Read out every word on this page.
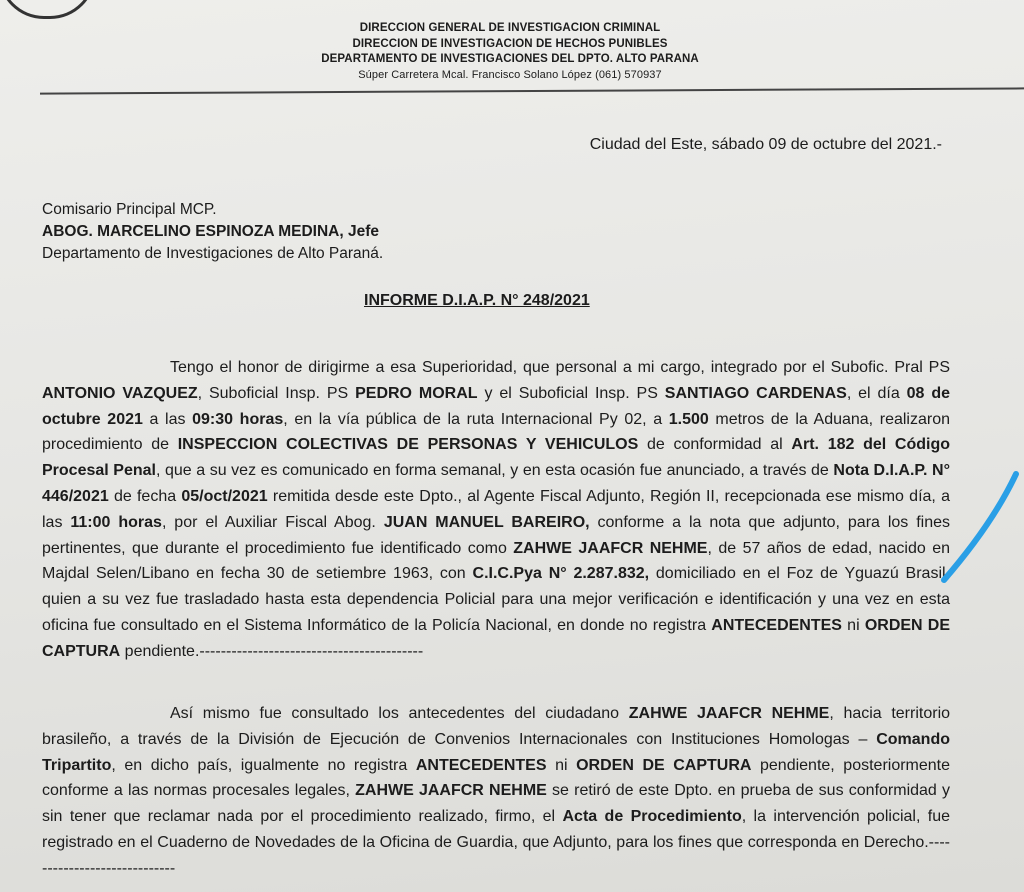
DIRECCION GENERAL DE INVESTIGACION CRIMINAL
DIRECCION DE INVESTIGACION DE HECHOS PUNIBLES
DEPARTAMENTO DE INVESTIGACIONES DEL DPTO. ALTO PARANA
Súper Carretera Mcal. Francisco Solano López (061) 570937
Ciudad del Este, sábado 09 de octubre del 2021.-
Comisario Principal MCP.
ABOG. MARCELINO ESPINOZA MEDINA, Jefe
Departamento de Investigaciones de Alto Paraná.
INFORME D.I.A.P. N° 248/2021
Tengo el honor de dirigirme a esa Superioridad, que personal a mi cargo, integrado por el Subofic. Pral PS ANTONIO VAZQUEZ, Suboficial Insp. PS PEDRO MORAL y el Suboficial Insp. PS SANTIAGO CARDENAS, el día 08 de octubre 2021 a las 09:30 horas, en la vía pública de la ruta Internacional Py 02, a 1.500 metros de la Aduana, realizaron procedimiento de INSPECCION COLECTIVAS DE PERSONAS Y VEHICULOS de conformidad al Art. 182 del Código Procesal Penal, que a su vez es comunicado en forma semanal, y en esta ocasión fue anunciado, a través de Nota D.I.A.P. N° 446/2021 de fecha 05/oct/2021 remitida desde este Dpto., al Agente Fiscal Adjunto, Región II, recepcionada ese mismo día, a las 11:00 horas, por el Auxiliar Fiscal Abog. JUAN MANUEL BAREIRO, conforme a la nota que adjunto, para los fines pertinentes, que durante el procedimiento fue identificado como ZAHWE JAAFCR NEHME, de 57 años de edad, nacido en Majdal Selen/Libano en fecha 30 de setiembre 1963, con C.I.C.Pya N° 2.287.832, domiciliado en el Foz de Yguazú Brasil, quien a su vez fue trasladado hasta esta dependencia Policial para una mejor verificación e identificación y una vez en esta oficina fue consultado en el Sistema Informático de la Policía Nacional, en donde no registra ANTECEDENTES ni ORDEN DE CAPTURA pendiente.------------------------------------------
Así mismo fue consultado los antecedentes del ciudadano ZAHWE JAAFCR NEHME, hacia territorio brasileño, a través de la División de Ejecución de Convenios Internacionales con Instituciones Homologas – Comando Tripartito, en dicho país, igualmente no registra ANTECEDENTES ni ORDEN DE CAPTURA pendiente, posteriormente conforme a las normas procesales legales, ZAHWE JAAFCR NEHME se retiró de este Dpto. en prueba de sus conformidad y sin tener que reclamar nada por el procedimiento realizado, firmo, el Acta de Procedimiento, la intervención policial, fue registrado en el Cuaderno de Novedades de la Oficina de Guardia, que Adjunto, para los fines que corresponda en Derecho.-----------------------------
